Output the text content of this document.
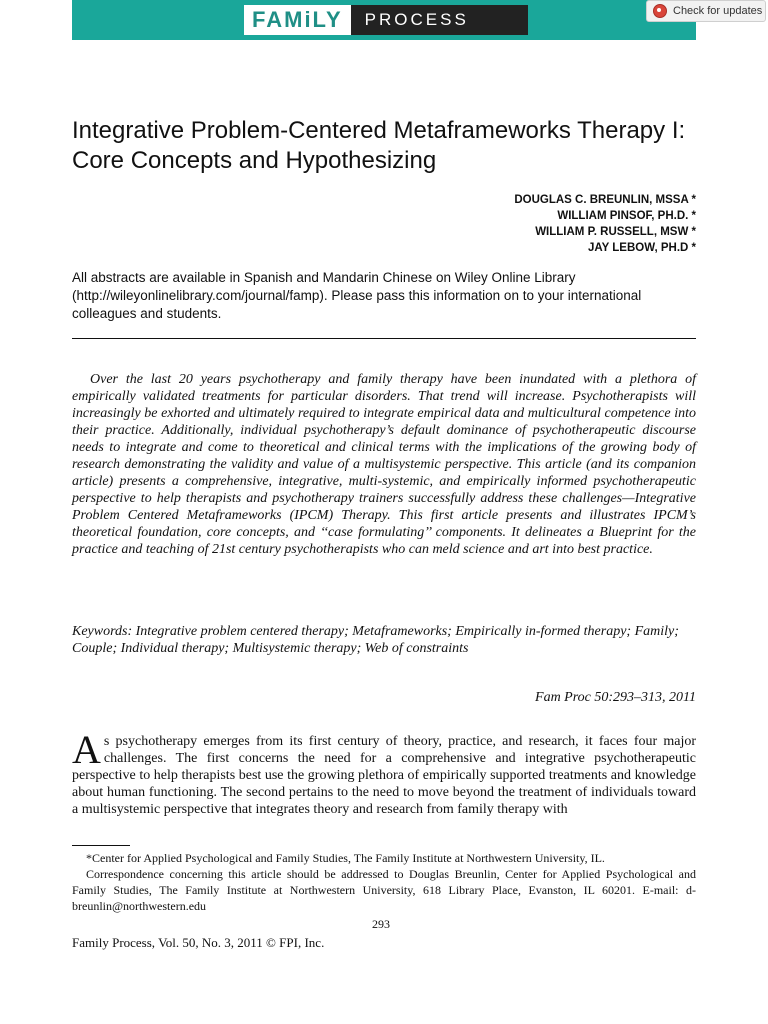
FAMiLY	PROCESS	Check for updates
Integrative Problem-Centered Metaframeworks Therapy I: Core Concepts and Hypothesizing
DOUGLAS C. BREUNLIN, MSSA *
WILLIAM PINSOF, PH.D. *
WILLIAM P. RUSSELL, MSW *
JAY LEBOW, PH.D *
All abstracts are available in Spanish and Mandarin Chinese on Wiley Online Library (http://wileyonlinelibrary.com/journal/famp). Please pass this information on to your international colleagues and students.

Over the last 20 years psychotherapy and family therapy have been inundated with a plethora of empirically validated treatments for particular disorders. That trend will increase. Psychotherapists will increasingly be exhorted and ultimately required to integrate empirical data and multicultural competence into their practice. Additionally, individual psychotherapy’s default dominance of psychotherapeutic discourse needs to integrate and come to theoretical and clinical terms with the implications of the growing body of research demonstrating the validity and value of a multisystemic perspective. This article (and its companion article) presents a comprehensive, integrative, multi-systemic, and empirically informed psychotherapeutic perspective to help therapists and psychotherapy trainers successfully address these challenges—Integrative Problem Centered Metaframeworks (IPCM) Therapy. This first article presents and illustrates IPCM’s theoretical foundation, core concepts, and ‘‘case formulating’’ components. It delineates a Blueprint for the practice and teaching of 21st century psychotherapists who can meld science and art into best practice.

Keywords: Integrative problem centered therapy; Metaframeworks; Empirically in-formed therapy; Family; Couple; Individual therapy; Multisystemic therapy; Web of constraints

Fam Proc 50:293–313, 2011

As psychotherapy emerges from its first century of theory, practice, and research, it faces four major challenges. The first concerns the need for a comprehensive and integrative psychotherapeutic perspective to help therapists best use the growing plethora of empirically supported treatments and knowledge about human functioning. The second pertains to the need to move beyond the treatment of individuals toward a multisystemic perspective that integrates theory and research from family therapy with

*Center for Applied Psychological and Family Studies, The Family Institute at Northwestern University, IL.

Correspondence concerning this article should be addressed to Douglas Breunlin, Center for Applied Psychological and Family Studies, The Family Institute at Northwestern University, 618 Library Place, Evanston, IL 60201. E-mail: d-breunlin@northwestern.edu

293
Family Process, Vol. 50, No. 3, 2011 © FPI, Inc.
